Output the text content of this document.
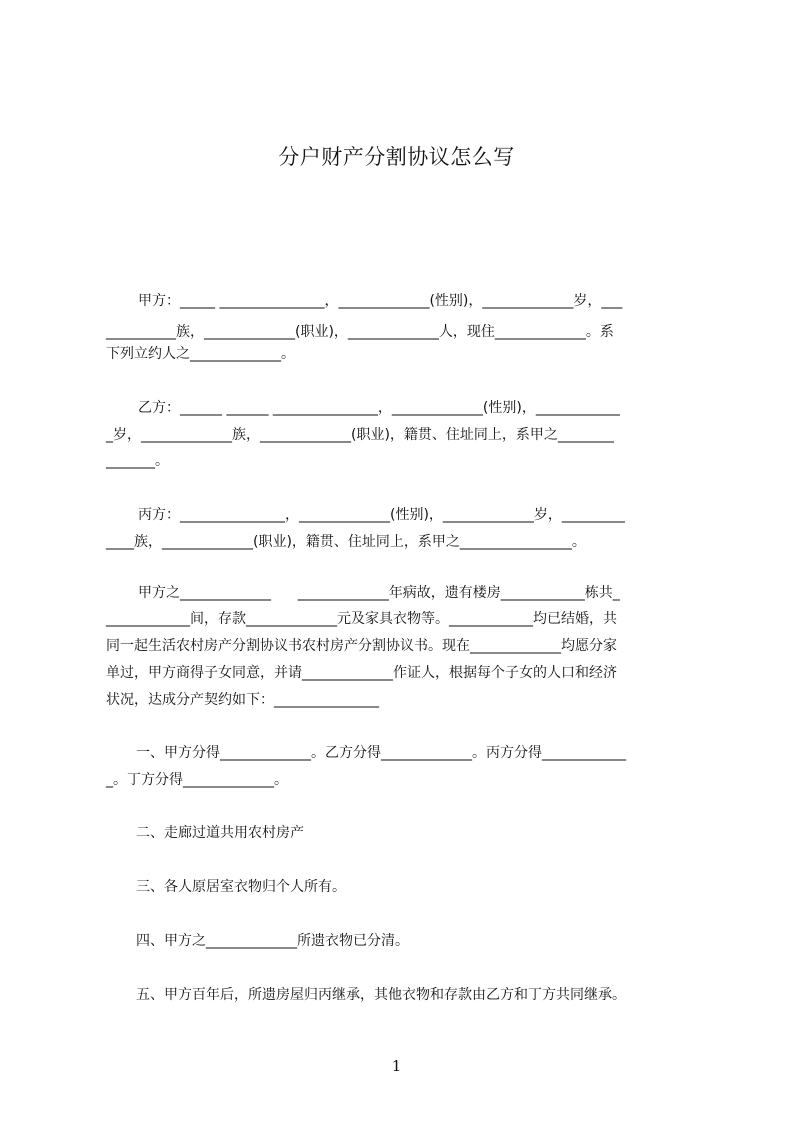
分户财产分割协议怎么写
甲方：_____ _______________，_____________(性别)，_____________岁，___
__________族，_____________(职业)，_____________人，现住_____________。系
下列立约人之_____________。
乙方：______ ______ _______________，_____________(性别)，____________
_岁，_____________族，_____________(职业)，籍贯、住址同上，系甲之________
_______。
丙方：_______________，_____________(性别)，_____________岁，_________
____族，_____________(职业)，籍贯、住址同上，系甲之________________。
甲方之_____________      _____________年病故，遗有楼房____________栋共_
____________间，存款_____________元及家具衣物等。____________均已结婚，共
同一起生活农村房产分割协议书农村房产分割协议书。现在_____________均愿分家
单过，甲方商得子女同意，并请_____________作证人，根据每个子女的人口和经济
状况，达成分产契约如下：_______________
一、甲方分得_____________。乙方分得_____________。丙方分得____________
_。丁方分得_____________。
二、走廊过道共用农村房产
三、各人原居室衣物归个人所有。
四、甲方之_____________所遗衣物已分清。
五、甲方百年后，所遗房屋归丙继承，其他衣物和存款由乙方和丁方共同继承。
1
